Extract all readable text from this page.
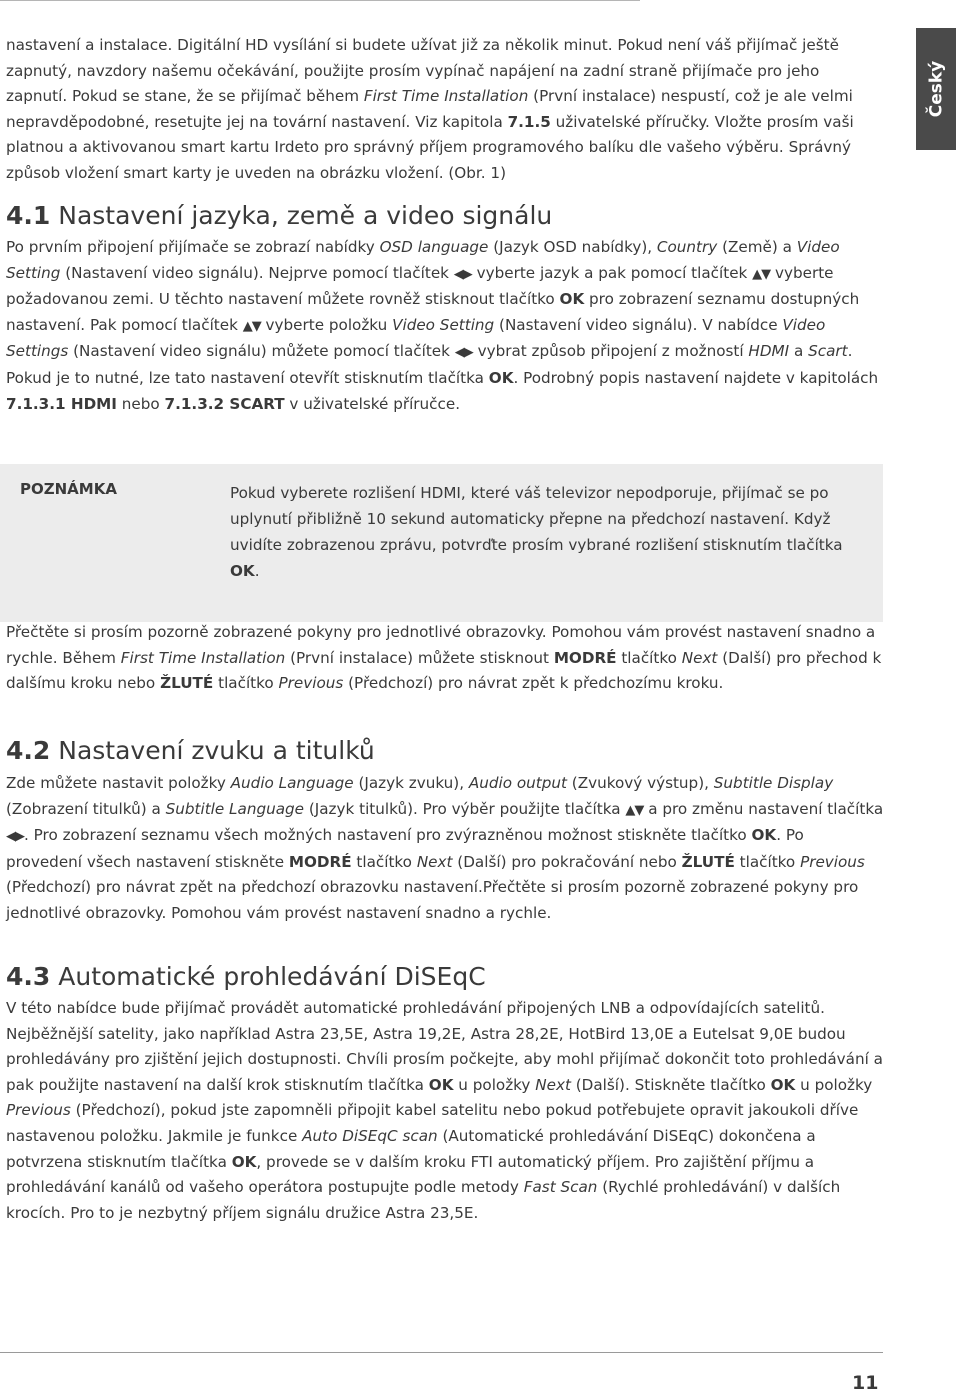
Český

nastavení a instalace. Digitální HD vysílání si budete užívat již za několik minut. Pokud není váš přijímač ještě zapnutý, navzdory našemu očekávání, použijte prosím vypínač napájení na zadní straně přijímače pro jeho zapnutí. Pokud se stane, že se přijímač během First Time Installation (První instalace) nespustí, což je ale velmi nepravděpodobné, resetujte jej na tovární nastavení. Viz kapitola 7.1.5 uživatelské příručky. Vložte prosím vaši platnou a aktivovanou smart kartu Irdeto pro správný příjem programového balíku dle vašeho výběru. Správný způsob vložení smart karty je uveden na obrázku vložení. (Obr. 1)

4.1 Nastavení jazyka, země a video signálu

Po prvním připojení přijímače se zobrazí nabídky OSD language (Jazyk OSD nabídky), Country (Země) a Video Setting (Nastavení video signálu). Nejprve pomocí tlačítek ◀▶ vyberte jazyk a pak pomocí tlačítek ▲▼ vyberte požadovanou zemi. U těchto nastavení můžete rovněž stisknout tlačítko OK pro zobrazení seznamu dostupných nastavení. Pak pomocí tlačítek ▲▼ vyberte položku Video Setting (Nastavení video signálu). V nabídce Video Settings (Nastavení video signálu) můžete pomocí tlačítek ◀▶ vybrat způsob připojení z možností HDMI a Scart. Pokud je to nutné, lze tato nastavení otevřít stisknutím tlačítka OK. Podrobný popis nastavení najdete v kapitolách 7.1.3.1 HDMI nebo 7.1.3.2 SCART v uživatelské příručce.

POZNÁMKA	Pokud vyberete rozlišení HDMI, které váš televizor nepodporuje, přijímač se po uplynutí přibližně 10 sekund automaticky přepne na předchozí nastavení. Když uvidíte zobrazenou zprávu, potvrďte prosím vybrané rozlišení stisknutím tlačítka OK.

Přečtěte si prosím pozorně zobrazené pokyny pro jednotlivé obrazovky. Pomohou vám provést nastavení snadno a rychle. Během First Time Installation (První instalace) můžete stisknout MODRÉ tlačítko Next (Další) pro přechod k dalšímu kroku nebo ŽLUTÉ tlačítko Previous (Předchozí) pro návrat zpět k předchozímu kroku.

4.2 Nastavení zvuku a titulků

Zde můžete nastavit položky Audio Language (Jazyk zvuku), Audio output (Zvukový výstup), Subtitle Display (Zobrazení titulků) a Subtitle Language (Jazyk titulků). Pro výběr použijte tlačítka ▲▼ a pro změnu nastavení tlačítka ◀▶. Pro zobrazení seznamu všech možných nastavení pro zvýrazněnou možnost stiskněte tlačítko OK. Po provedení všech nastavení stiskněte MODRÉ tlačítko Next (Další) pro pokračování nebo ŽLUTÉ tlačítko Previous (Předchozí) pro návrat zpět na předchozí obrazovku nastavení.Přečtěte si prosím pozorně zobrazené pokyny pro jednotlivé obrazovky. Pomohou vám provést nastavení snadno a rychle.

4.3 Automatické prohledávání DiSEqC

V této nabídce bude přijímač provádět automatické prohledávání připojených LNB a odpovídajících satelitů. Nejběžnější satelity, jako například Astra 23,5E, Astra 19,2E, Astra 28,2E, HotBird 13,0E a Eutelsat 9,0E budou prohledávány pro zjištění jejich dostupnosti. Chvíli prosím počkejte, aby mohl přijímač dokončit toto prohledávání a pak použijte nastavení na další krok stisknutím tlačítka OK u položky Next (Další). Stiskněte tlačítko OK u položky Previous (Předchozí), pokud jste zapomněli připojit kabel satelitu nebo pokud potřebujete opravit jakoukoli dříve nastavenou položku. Jakmile je funkce Auto DiSEqC scan (Automatické prohledávání DiSEqC) dokončena a potvrzena stisknutím tlačítka OK, provede se v dalším kroku FTI automatický příjem. Pro zajištění příjmu a prohledávání kanálů od vašeho operátora postupujte podle metody Fast Scan (Rychlé prohledávání) v dalších krocích. Pro to je nezbytný příjem signálu družice Astra 23,5E.

11
